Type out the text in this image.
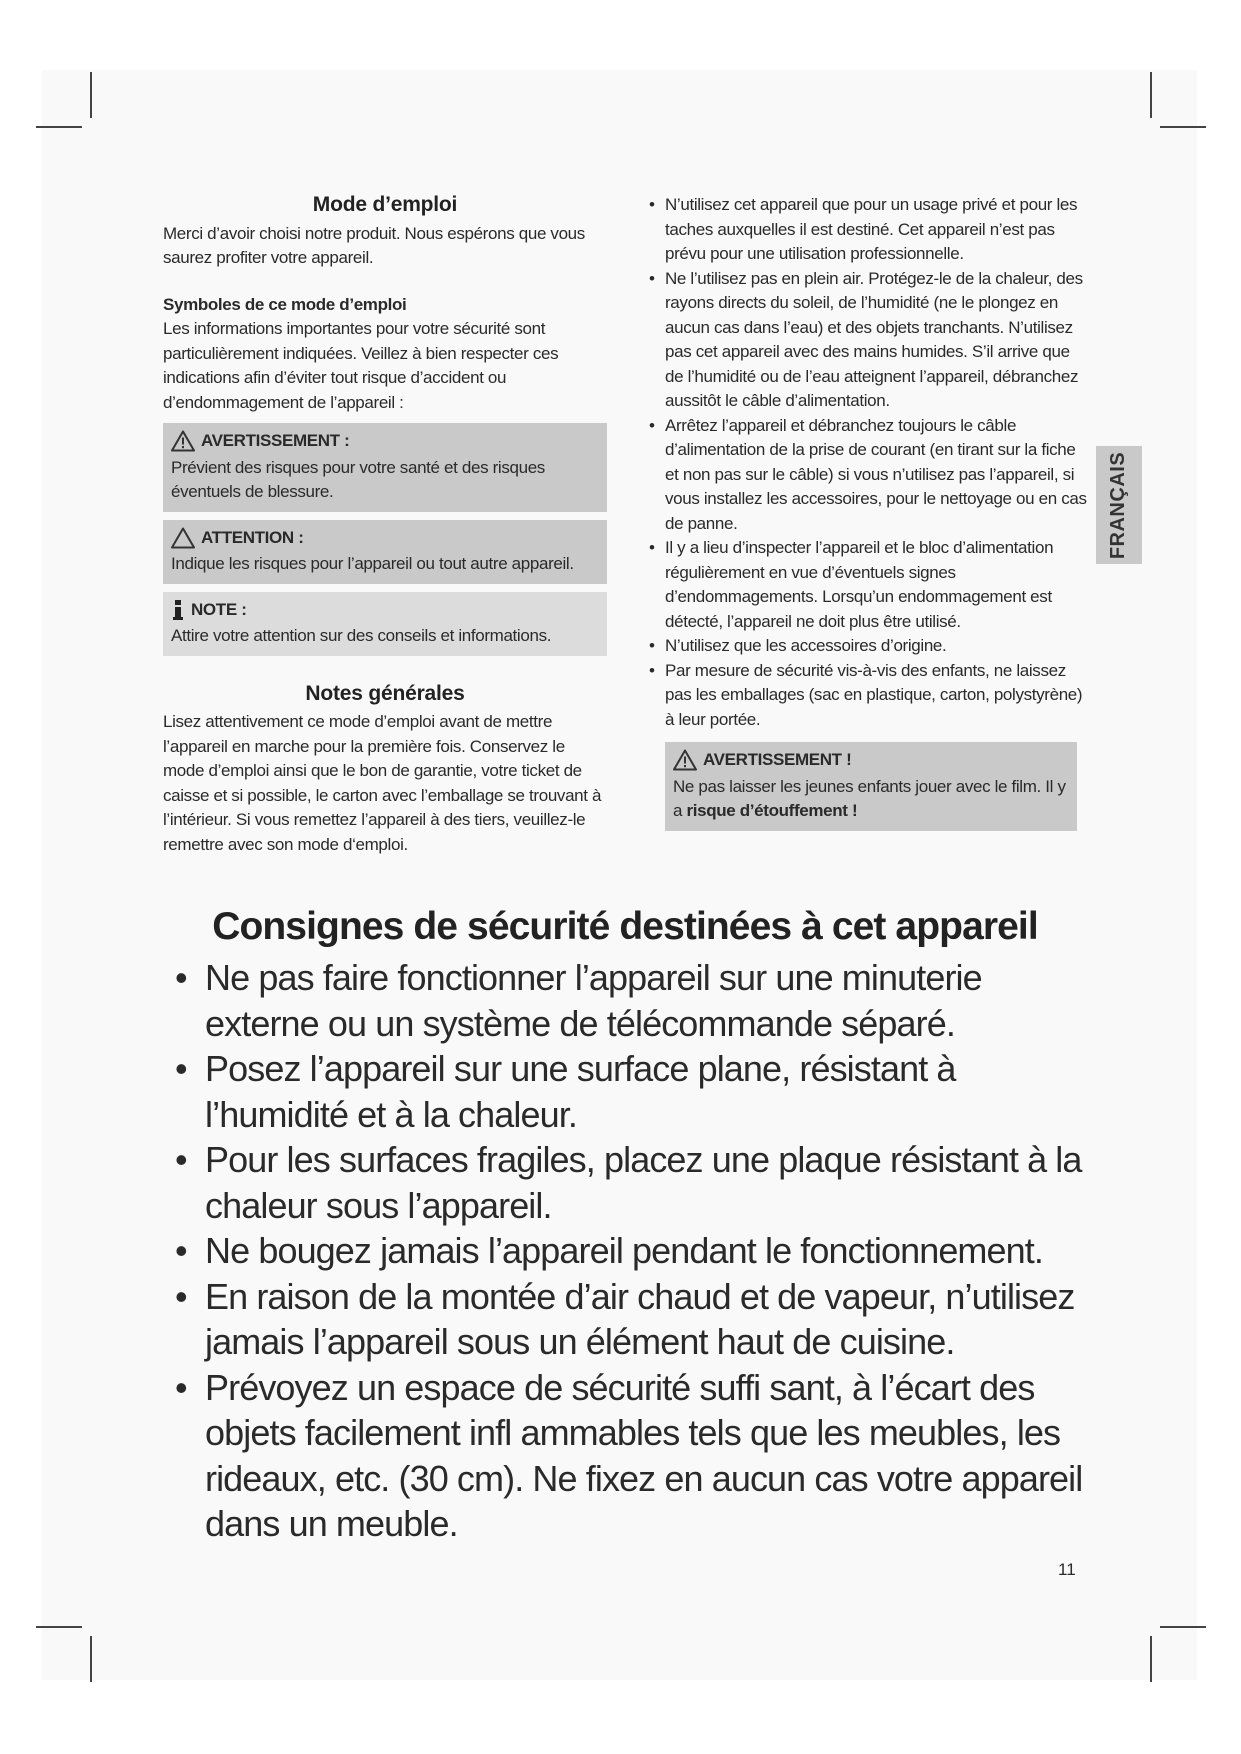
Mode d’emploi

Merci d’avoir choisi notre produit. Nous espérons que vous saurez profiter votre appareil.

Symboles de ce mode d’emploi

Les informations importantes pour votre sécurité sont particulièrement indiquées. Veillez à bien respecter ces indications afin d’éviter tout risque d’accident ou d’endommagement de l’appareil :

AVERTISSEMENT :
Prévient des risques pour votre santé et des risques éventuels de blessure.
ATTENTION :
Indique les risques pour l’appareil ou tout autre appareil.
NOTE :
Attire votre attention sur des conseils et informations.
Notes générales

Lisez attentivement ce mode d’emploi avant de mettre l’appareil en marche pour la première fois. Conservez le mode d’emploi ainsi que le bon de garantie, votre ticket de caisse et si possible, le carton avec l’emballage se trouvant à l’intérieur. Si vous remettez l’appareil à des tiers, veuillez-le remettre avec son mode d‘emploi.

• N’utilisez cet appareil que pour un usage privé et pour les taches auxquelles il est destiné. Cet appareil n’est pas prévu pour une utilisation professionnelle.
• Ne l’utilisez pas en plein air. Protégez-le de la chaleur, des rayons directs du soleil, de l’humidité (ne le plongez en aucun cas dans l’eau) et des objets tranchants. N’utilisez pas cet appareil avec des mains humides. S’il arrive que de l’humidité ou de l’eau atteignent l’appareil, débranchez aussitôt le câble d’alimentation.
• Arrêtez l’appareil et débranchez toujours le câble d’alimentation de la prise de courant (en tirant sur la fiche et non pas sur le câble) si vous n’utilisez pas l’appareil, si vous installez les accessoires, pour le nettoyage ou en cas de panne.
• Il y a lieu d’inspecter l’appareil et le bloc d’alimentation régulièrement en vue d’éventuels signes d’endommagements. Lorsqu’un endommagement est détecté, l’appareil ne doit plus être utilisé.
• N’utilisez que les accessoires d’origine.
• Par mesure de sécurité vis-à-vis des enfants, ne laissez pas les emballages (sac en plastique, carton, polystyrène) à leur portée.
AVERTISSEMENT !
Ne pas laisser les jeunes enfants jouer avec le film. Il y a risque d’étouffement !
FRANÇAIS
Consignes de sécurité destinées à cet appareil
• Ne pas faire fonctionner l’appareil sur une minuterie externe ou un système de télécommande séparé.
• Posez l’appareil sur une surface plane, résistant à l’humidité et à la chaleur.
• Pour les surfaces fragiles, placez une plaque résistant à la chaleur sous l’appareil.
• Ne bougez jamais l’appareil pendant le fonctionnement.
• En raison de la montée d’air chaud et de vapeur, n’utilisez jamais l’appareil sous un élément haut de cuisine.
• Prévoyez un espace de sécurité suffi sant, à l’écart des objets facilement infl ammables tels que les meubles, les rideaux, etc. (30 cm). Ne fixez en aucun cas votre appareil dans un meuble.
11
